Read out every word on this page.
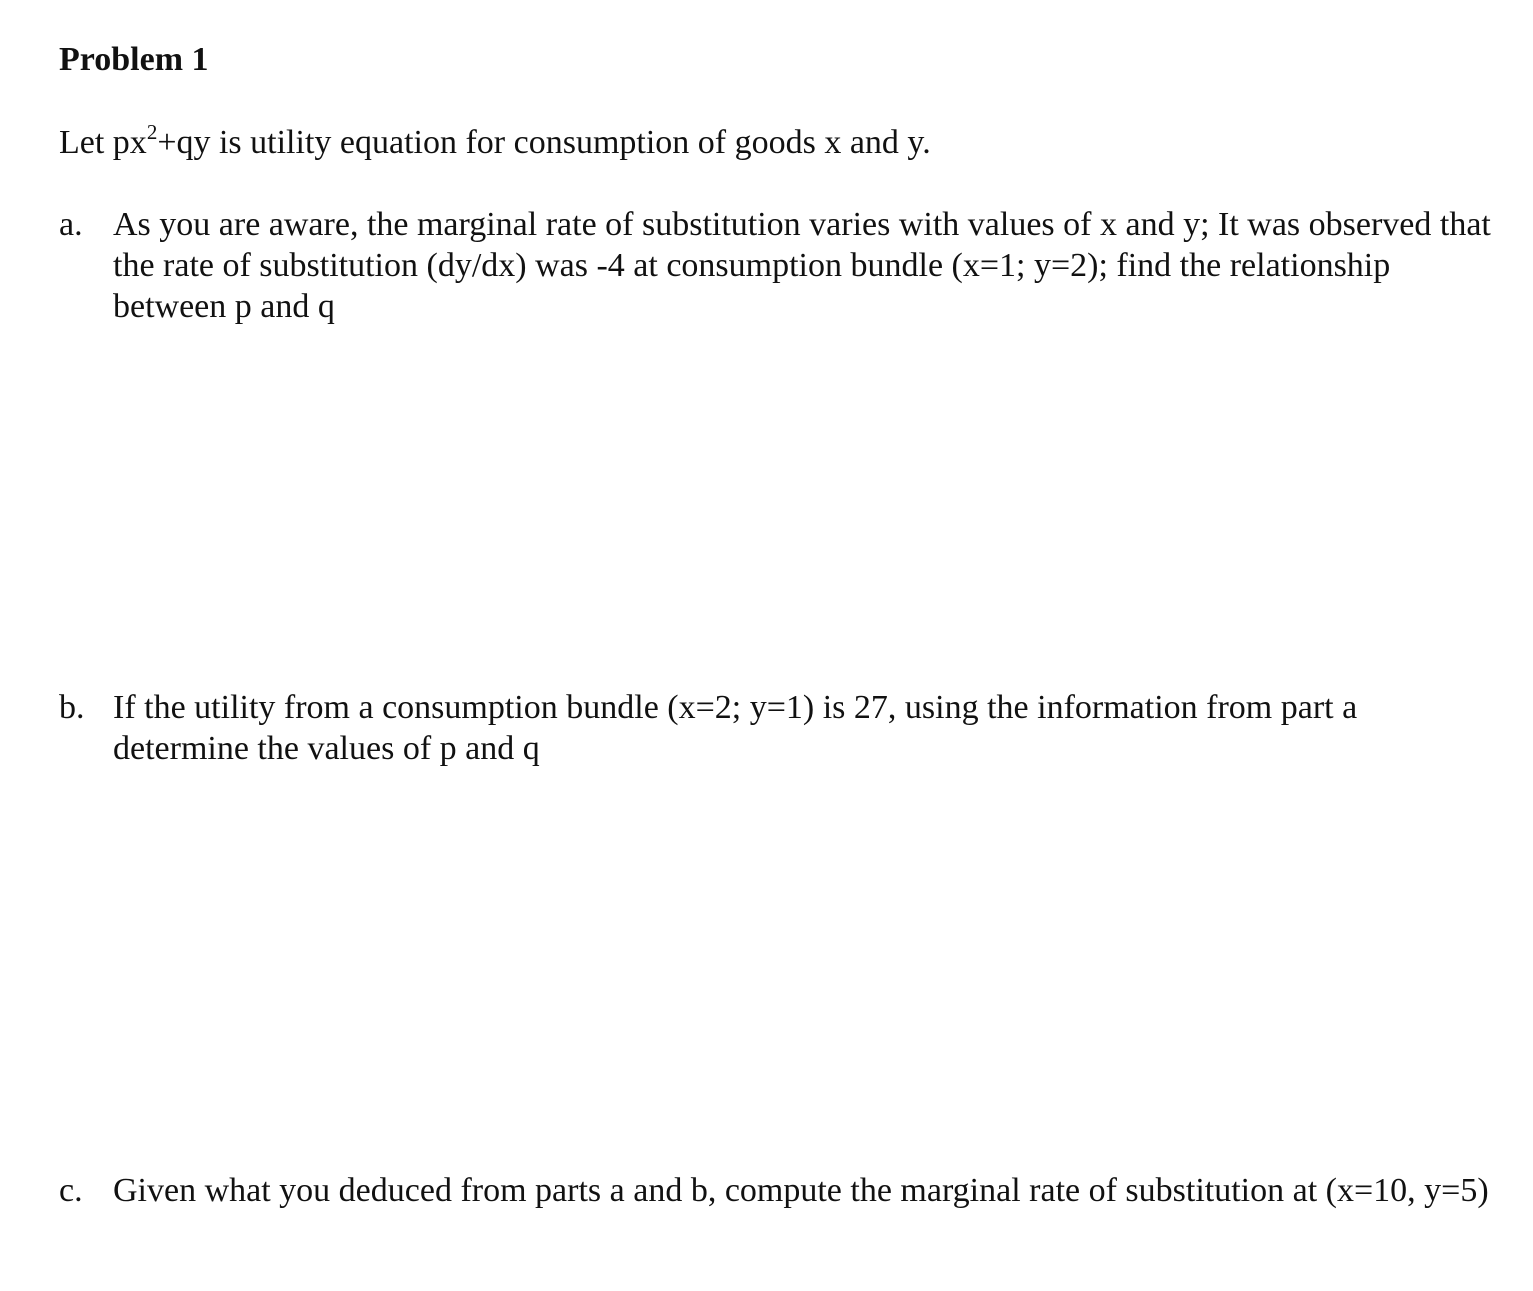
Problem 1
Let $px^2+qy$ is utility equation for consumption of goods x and y.
a. As you are aware, the marginal rate of substitution varies with values of x and y; It was observed that the rate of substitution (dy/dx) was -4 at consumption bundle (x=1; y=2); find the relationship between p and q
b. If the utility from a consumption bundle (x=2; y=1) is 27, using the information from part a determine the values of p and q
c. Given what you deduced from parts a and b, compute the marginal rate of substitution at (x=10, y=5)
